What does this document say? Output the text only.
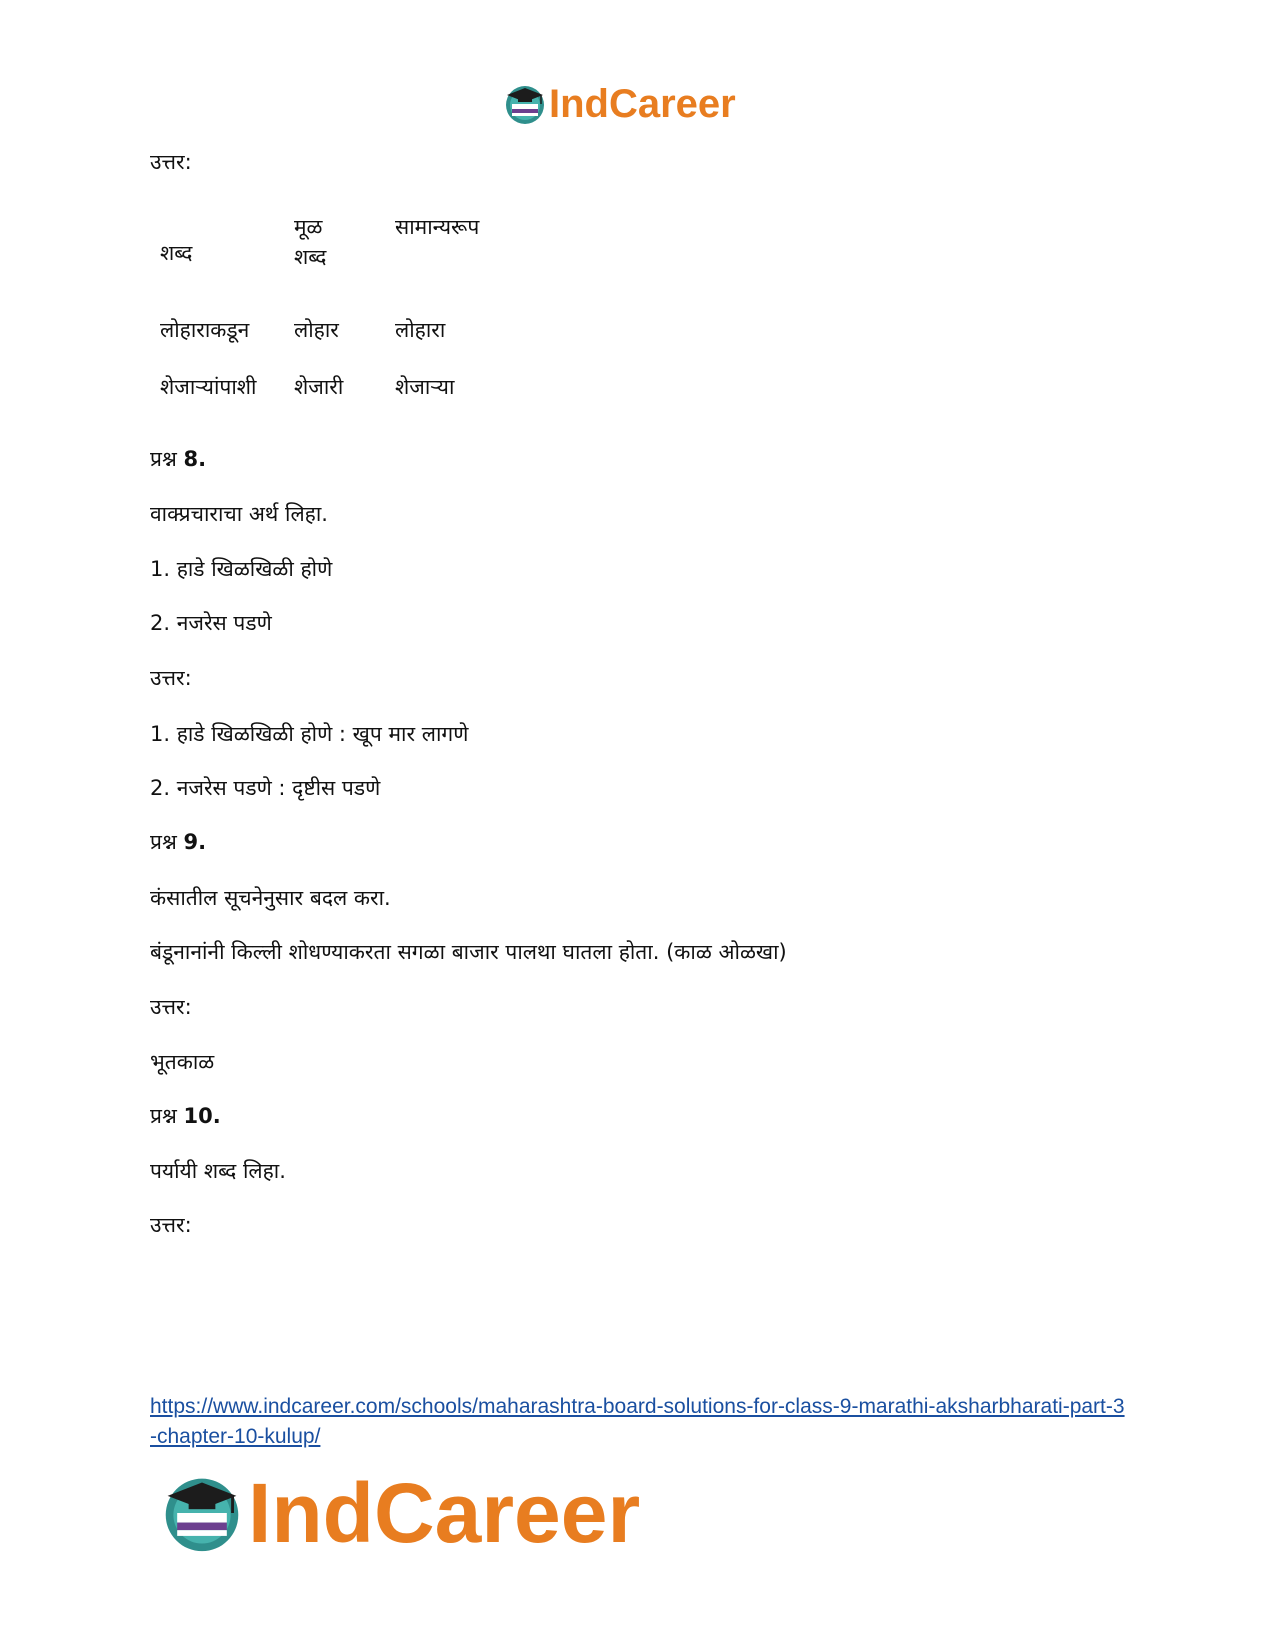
IndCareer
उत्तर:
शब्द
मूळ
शब्द
सामान्यरूप
लोहाराकडून लोहार	लोहारा
शेजाऱ्यांपाशी शेजारी शेजाऱ्या
प्रश्न 8.
वाक्प्रचाराचा अर्थ लिहा.
1. हाडे खिळखिळी होणे
2. नजरेस पडणे
उत्तर:
1. हाडे खिळखिळी होणे : खूप मार लागणे
2. नजरेस पडणे : दृष्टीस पडणे
प्रश्न 9.
कंसातील सूचनेनुसार बदल करा.
बंडूनानांनी किल्ली शोधण्याकरता सगळा बाजार पालथा घातला होता. (काळ ओळखा)
उत्तर:
भूतकाळ
प्रश्न 10.
पर्यायी शब्द लिहा.
उत्तर:
https://www.indcareer.com/schools/maharashtra-board-solutions-for-class-9-marathi-aksharbharati-part-3-chapter-10-kulup/
IndCareer
